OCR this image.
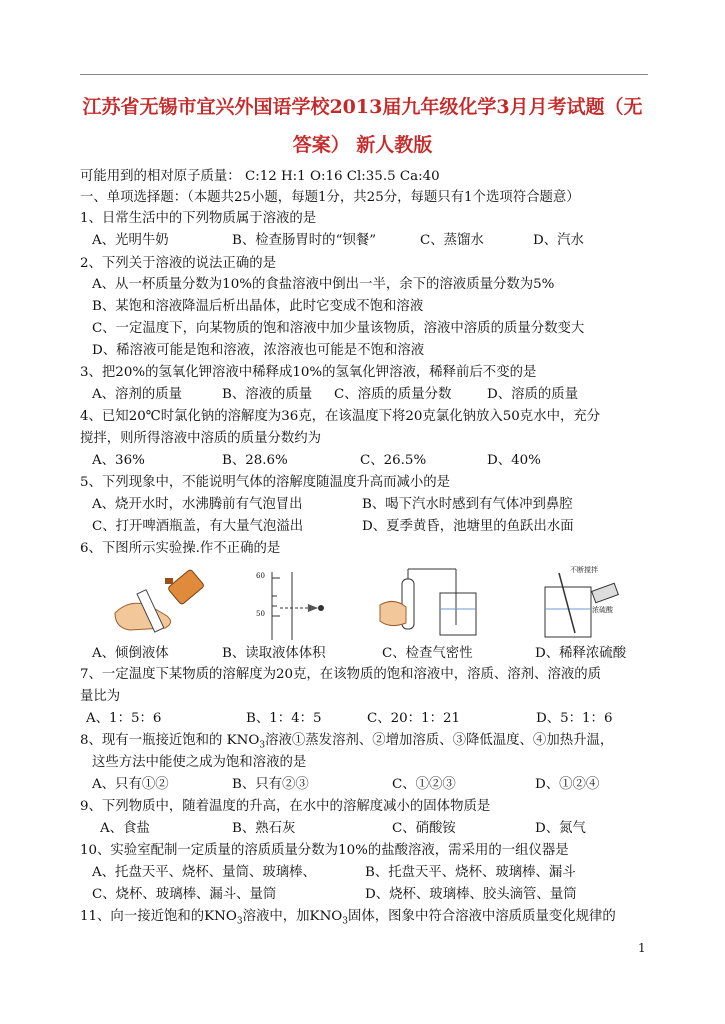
江苏省无锡市宜兴外国语学校2013届九年级化学3月月考试题（无
答案） 新人教版
可能用到的相对原子质量： C:12 H:1 O:16 Cl:35.5 Ca:40
一、单项选择题：（本题共25小题，每题1分，共25分，每题只有1个选项符合题意）
1、日常生活中的下列物质属于溶液的是
A、光明牛奶	B、检查肠胃时的“钡餐”	C、蒸馏水	D、汽水
2、下列关于溶液的说法正确的是
A、从一杯质量分数为10%的食盐溶液中倒出一半，余下的溶液质量分数为5%
B、某饱和溶液降温后析出晶体，此时它变成不饱和溶液
C、一定温度下，向某物质的饱和溶液中加少量该物质，溶液中溶质的质量分数变大
D、稀溶液可能是饱和溶液，浓溶液也可能是不饱和溶液
3、把20%的氢氧化钾溶液中稀释成10%的氢氧化钾溶液，稀释前后不变的是
A、溶剂的质量	B、溶液的质量 C、溶质的质量分数	D、溶质的质量
4、已知20℃时氯化钠的溶解度为36克，在该温度下将20克氯化钠放入50克水中，充分
搅拌，则所得溶液中溶质的质量分数约为
A、36%	B、28.6%	C、26.5%	D、40%
5、下列现象中，不能说明气体的溶解度随温度升高而减小的是
A、烧开水时，水沸腾前有气泡冒出	B、喝下汽水时感到有气体冲到鼻腔
C、打开啤酒瓶盖，有大量气泡溢出	D、夏季黄昏，池塘里的鱼跃出水面
6、下图所示实验操.作不正确的是
60
50
不断搅拌
浓硫酸
A、倾倒液体	B、读取液体体积	C、检查气密性	D、稀释浓硫酸
7、一定温度下某物质的溶解度为20克，在该物质的饱和溶液中，溶质、溶剂、溶液的质
量比为
A、1：5：6	B、1：4：5	C、20：1：21	D、5：1：6
8、现有一瓶接近饱和的 $KNO_3$溶液①蒸发溶剂、②增加溶质、③降低温度、④加热升温，
这些方法中能使之成为饱和溶液的是
A、只有①②	B、只有②③	C、①②③	D、①②④
9、下列物质中，随着温度的升高，在水中的溶解度减小的固体物质是
A、食盐	B、熟石灰	C、硝酸铵	D、氮气
10、实验室配制一定质量的溶质质量分数为10%的盐酸溶液，需采用的一组仪器是
A、托盘天平、烧杯、量筒、玻璃棒、	B、托盘天平、烧杯、玻璃棒、漏斗
C、烧杯、玻璃棒、漏斗、量筒	D、烧杯、玻璃棒、胶头滴管、量筒
11、向一接近饱和的$KNO_3$溶液中，加$KNO_3$固体，图象中符合溶液中溶质质量变化规律的
1
